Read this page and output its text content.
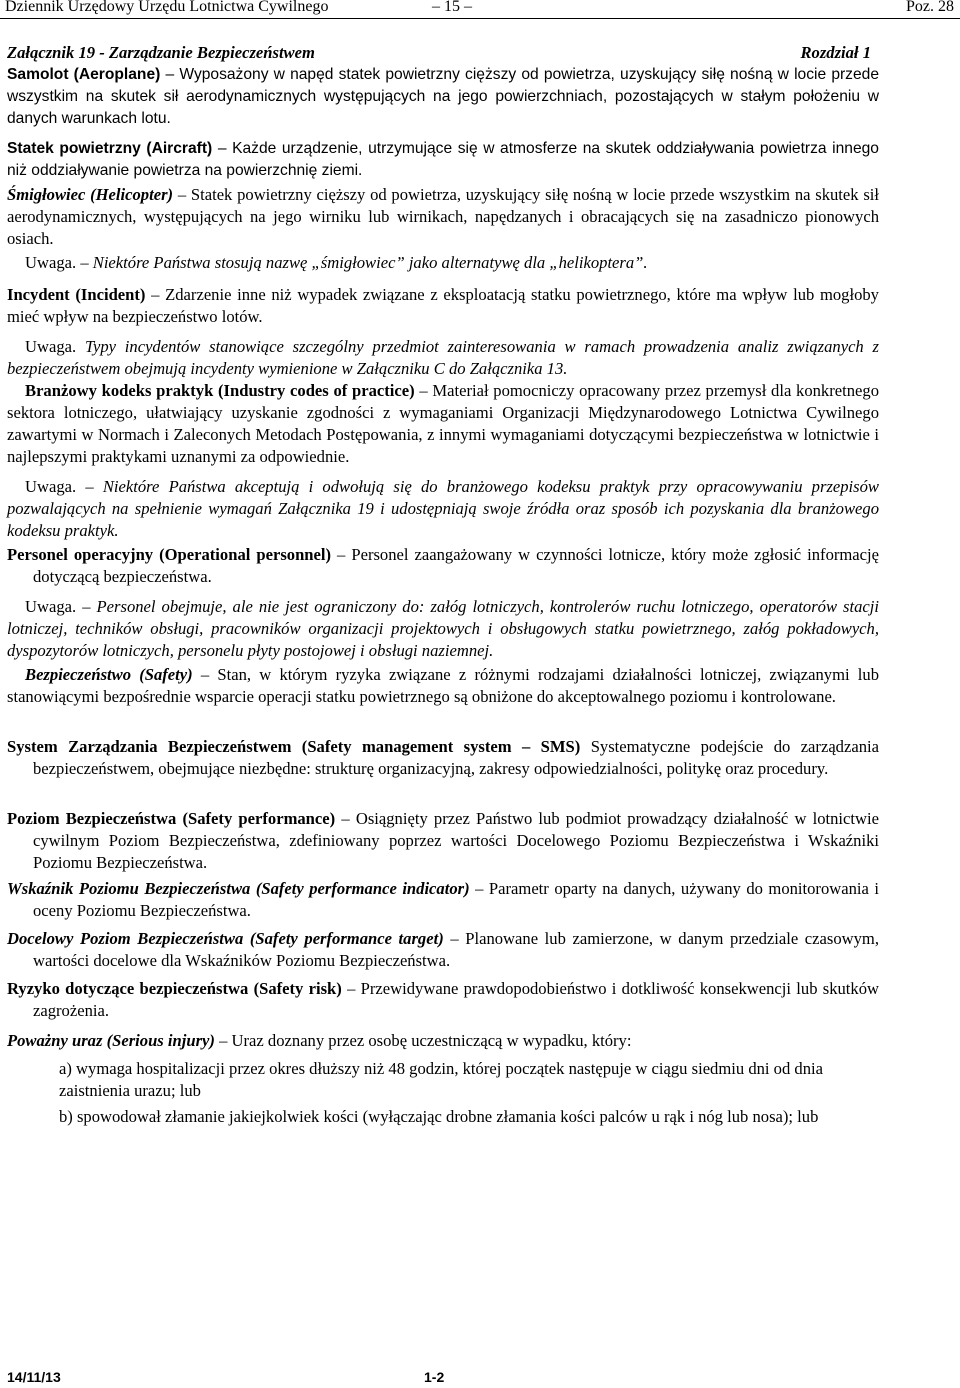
Dziennik Urzędowy Urzędu Lotnictwa Cywilnego	– 15 –	Poz. 28
Załącznik 19 - Zarządzanie Bezpieczeństwem	Rozdział 1

Samolot (Aeroplane) – Wyposażony w napęd statek powietrzny cięższy od powietrza, uzyskujący siłę nośną w locie przede wszystkim na skutek sił aerodynamicznych występujących na jego powierzchniach, pozostających w stałym położeniu w danych warunkach lotu.

Statek powietrzny (Aircraft) – Każde urządzenie, utrzymujące się w atmosferze na skutek oddziaływania powietrza innego niż oddziaływanie powietrza na powierzchnię ziemi.

Śmigłowiec (Helicopter) – Statek powietrzny cięższy od powietrza, uzyskujący siłę nośną w locie przede wszystkim na skutek sił aerodynamicznych, występujących na jego wirniku lub wirnikach, napędzanych i obracających się na zasadniczo pionowych osiach.

Uwaga. – Niektóre Państwa stosują nazwę „śmigłowiec” jako alternatywę dla „helikoptera”.

Incydent (Incident) – Zdarzenie inne niż wypadek związane z eksploatacją statku powietrznego, które ma wpływ lub mogłoby mieć wpływ na bezpieczeństwo lotów.

Uwaga. Typy incydentów stanowiące szczególny przedmiot zainteresowania w ramach prowadzenia analiz związanych z bezpieczeństwem obejmują incydenty wymienione w Załączniku C do Załącznika 13.

Branżowy kodeks praktyk (Industry codes of practice) – Materiał pomocniczy opracowany przez przemysł dla konkretnego sektora lotniczego, ułatwiający uzyskanie zgodności z wymaganiami Organizacji Międzynarodowego Lotnictwa Cywilnego zawartymi w Normach i Zaleconych Metodach Postępowania, z innymi wymaganiami dotyczącymi bezpieczeństwa w lotnictwie i najlepszymi praktykami uznanymi za odpowiednie.

Uwaga. – Niektóre Państwa akceptują i odwołują się do branżowego kodeksu praktyk przy opracowywaniu przepisów pozwalających na spełnienie wymagań Załącznika 19 i udostępniają swoje źródła oraz sposób ich pozyskania dla branżowego kodeksu praktyk.

Personel operacyjny (Operational personnel) – Personel zaangażowany w czynności lotnicze, który może zgłosić informację dotyczącą bezpieczeństwa.

Uwaga. – Personel obejmuje, ale nie jest ograniczony do: załóg lotniczych, kontrolerów ruchu lotniczego, operatorów stacji lotniczej, techników obsługi, pracowników organizacji projektowych i obsługowych statku powietrznego, załóg pokładowych, dyspozytorów lotniczych, personelu płyty postojowej i obsługi naziemnej.

Bezpieczeństwo (Safety) – Stan, w którym ryzyka związane z różnymi rodzajami działalności lotniczej, związanymi lub stanowiącymi bezpośrednie wsparcie operacji statku powietrznego są obniżone do akceptowalnego poziomu i kontrolowane.

System Zarządzania Bezpieczeństwem (Safety management system – SMS) Systematyczne podejście do zarządzania bezpieczeństwem, obejmujące niezbędne: strukturę organizacyjną, zakresy odpowiedzialności, politykę oraz procedury.

Poziom Bezpieczeństwa (Safety performance) – Osiągnięty przez Państwo lub podmiot prowadzący działalność w lotnictwie cywilnym Poziom Bezpieczeństwa, zdefiniowany poprzez wartości Docelowego Poziomu Bezpieczeństwa i Wskaźniki Poziomu Bezpieczeństwa.

Wskaźnik Poziomu Bezpieczeństwa (Safety performance indicator) – Parametr oparty na danych, używany do monitorowania i oceny Poziomu Bezpieczeństwa.

Docelowy Poziom Bezpieczeństwa (Safety performance target) – Planowane lub zamierzone, w danym przedziale czasowym, wartości docelowe dla Wskaźników Poziomu Bezpieczeństwa.

Ryzyko dotyczące bezpieczeństwa (Safety risk) – Przewidywane prawdopodobieństwo i dotkliwość konsekwencji lub skutków zagrożenia.

Poważny uraz (Serious injury) – Uraz doznany przez osobę uczestniczącą w wypadku, który:

a) wymaga hospitalizacji przez okres dłuższy niż 48 godzin, której początek następuje w ciągu siedmiu dni od dnia zaistnienia urazu; lub

b) spowodował złamanie jakiejkolwiek kości (wyłączając drobne złamania kości palców u rąk i nóg lub nosa); lub

14/11/13	1-2
